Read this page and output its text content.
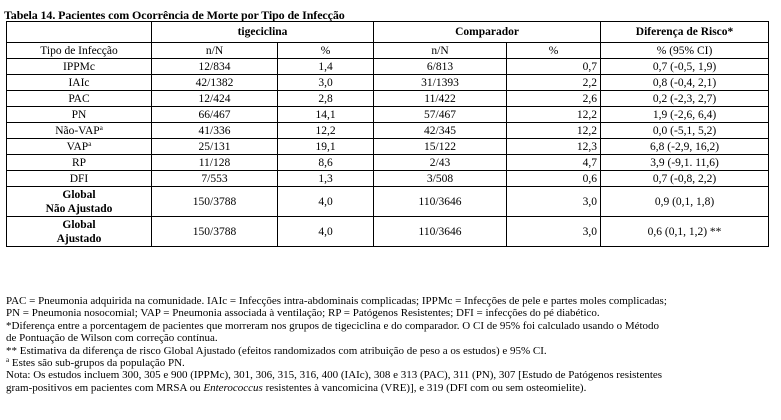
Tabela 14. Pacientes com Ocorrência de Morte por Tipo de Infecção
	tigeciclina		Comparador		Diferença de Risco*
Tipo de Infecção	n/N	%	n/N	%	% (95% CI)
IPPMc	12/834	1,4	6/813	0,7	0,7 (-0,5, 1,9)
IAIc	42/1382	3,0	31/1393	2,2	0,8 (-0,4, 2,1)
PAC	12/424	2,8	11/422	2,6	0,2 (-2,3, 2,7)
PN	66/467	14,1	57/467	12,2	1,9 (-2,6, 6,4)
Não-VAP$^a$	41/336	12,2	42/345	12,2	0,0 (-5,1, 5,2)
VAP$^a$	25/131	19,1	15/122	12,3	6,8 (-2,9, 16,2)
RP	11/128	8,6	2/43	4,7	3,9 (-9,1. 11,6)
DFI	7/553	1,3	3/508	0,6	0,7 (-0,8, 2,2)

Global
Não Ajustado	150/3788	4,0	110/3646	3,0	0,9 (0,1, 1,8)

Global
Ajustado	150/3788	4,0	110/3646	3,0	0,6 (0,1, 1,2) **

PAC = Pneumonia adquirida na comunidade. IAIc = Infecções intra-abdominais complicadas; IPPMc = Infecções de pele e partes moles complicadas;

PN = Pneumonia nosocomial; VAP = Pneumonia associada à ventilação; RP = Patógenos Resistentes; DFI = infecções do pé diabético.

*Diferença entre a porcentagem de pacientes que morreram nos grupos de tigeciclina e do comparador. O CI de 95% foi calculado usando o Método

de Pontuação de Wilson com correção contínua.

** Estimativa da diferença de risco Global Ajustado (efeitos randomizados com atribuição de peso a os estudos) e 95% CI.

$^a$ Estes são sub-grupos da população PN.

Nota: Os estudos incluem 300, 305 e 900 (IPPMc), 301, 306, 315, 316, 400 (IAIc), 308 e 313 (PAC), 311 (PN), 307 [Estudo de Patógenos resistentes

gram-positivos em pacientes com MRSA ou Enterococcus resistentes à vancomicina (VRE)], e 319 (DFI com ou sem osteomielite).
